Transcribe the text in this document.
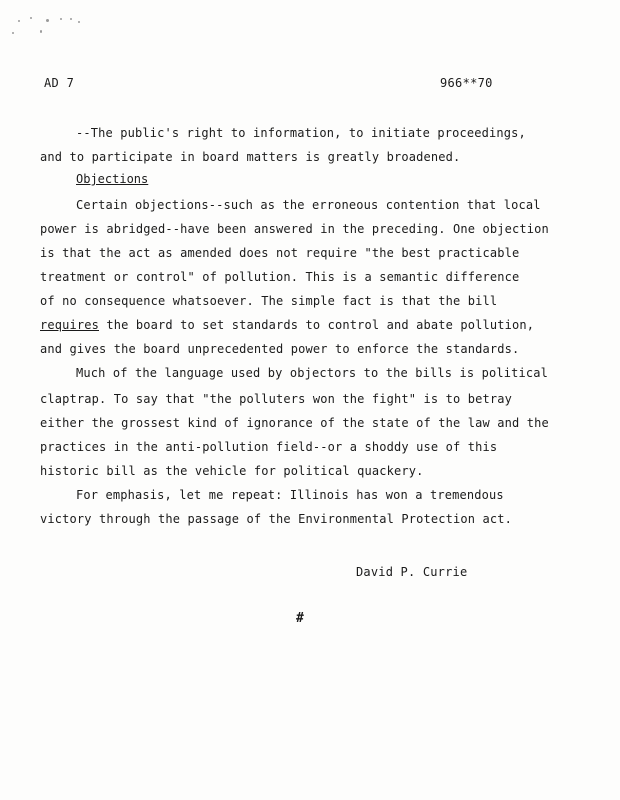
AD 7	966**70
--The public's right to information, to initiate proceedings,
and to participate in board matters is greatly broadened.
Objections
Certain objections--such as the erroneous contention that local
power is abridged--have been answered in the preceding. One objection
is that the act as amended does not require "the best practicable
treatment or control" of pollution. This is a semantic difference
of no consequence whatsoever. The simple fact is that the bill
requires the board to set standards to control and abate pollution,
and gives the board unprecedented power to enforce the standards.
Much of the language used by objectors to the bills is political
claptrap. To say that "the polluters won the fight" is to betray
either the grossest kind of ignorance of the state of the law and the
practices in the anti-pollution field--or a shoddy use of this
historic bill as the vehicle for political quackery.
For emphasis, let me repeat: Illinois has won a tremendous
victory through the passage of the Environmental Protection act.
David P. Currie
#
